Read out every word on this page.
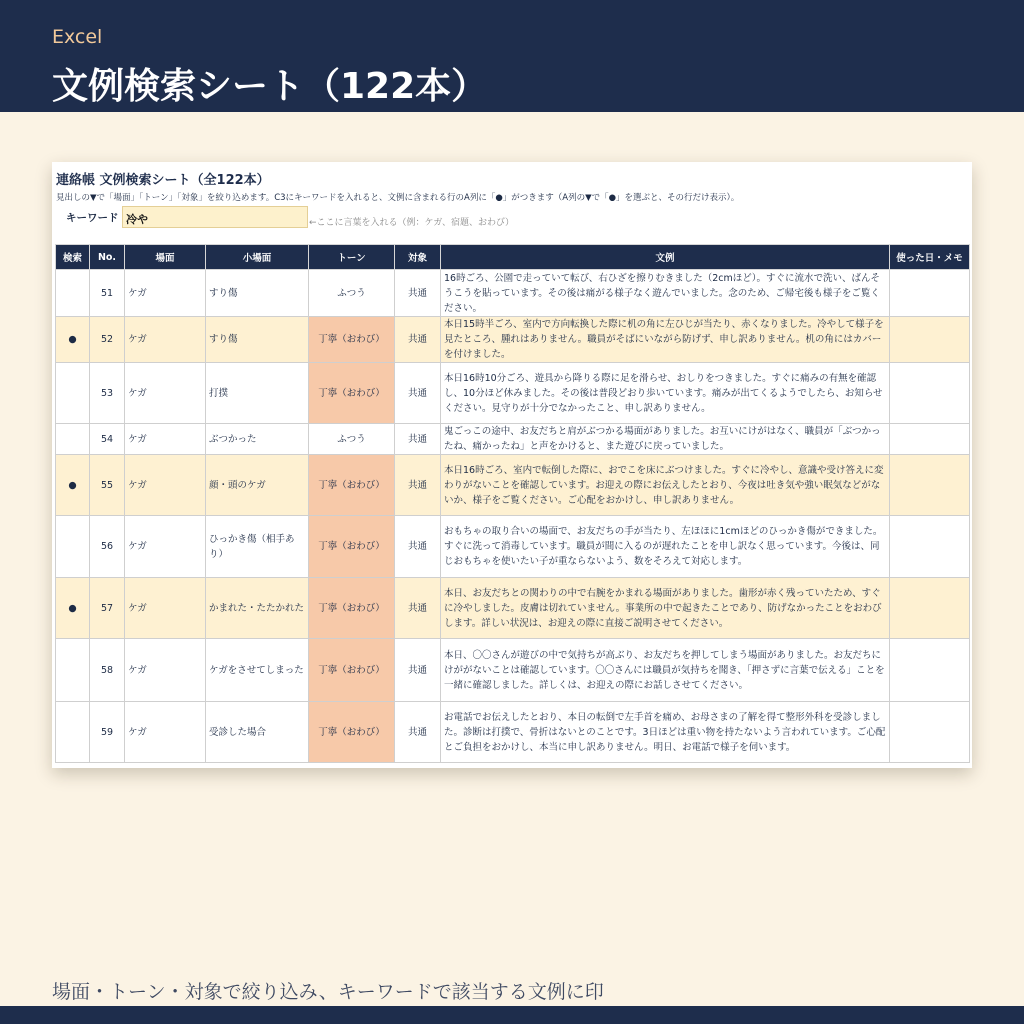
Excel
文例検索シート（122本）
連絡帳 文例検索シート（全122本）
見出しの▼で「場面」「トーン」「対象」を絞り込めます。C3にキーワードを入れると、文例に含まれる行のA列に「●」がつきます（A列の▼で「●」を選ぶと、その行だけ表示）。
キーワード 冷や	←ここに言葉を入れる（例：ケガ、宿題、おわび）
検索	No.	場面	小場面	トーン	対象	文例	使った日・メモ
	51	ケガ	すり傷	ふつう	共通	16時ごろ、公園で走っていて転び、右ひざを擦りむきました（2cmほど）。すぐに流水で洗い、ばんそうこうを貼っています。その後は痛がる様子なく遊んでいました。念のため、ご帰宅後も様子をご覧ください。	
●	52	ケガ	すり傷	丁寧（おわび）	共通	本日15時半ごろ、室内で方向転換した際に机の角に左ひじが当たり、赤くなりました。冷やして様子を見たところ、腫れはありません。職員がそばにいながら防げず、申し訳ありません。机の角にはカバーを付けました。	
	53	ケガ	打撲	丁寧（おわび）	共通	本日16時10分ごろ、遊具から降りる際に足を滑らせ、おしりをつきました。すぐに痛みの有無を確認し、10分ほど休みました。その後は普段どおり歩いています。痛みが出てくるようでしたら、お知らせください。見守りが十分でなかったこと、申し訳ありません。	
	54	ケガ	ぶつかった	ふつう	共通	鬼ごっこの途中、お友だちと肩がぶつかる場面がありました。お互いにけがはなく、職員が「ぶつかったね、痛かったね」と声をかけると、また遊びに戻っていました。	
●	55	ケガ	顔・頭のケガ	丁寧（おわび）	共通	本日16時ごろ、室内で転倒した際に、おでこを床にぶつけました。すぐに冷やし、意識や受け答えに変わりがないことを確認しています。お迎えの際にお伝えしたとおり、今夜は吐き気や強い眠気などがないか、様子をご覧ください。ご心配をおかけし、申し訳ありません。	
	56	ケガ	ひっかき傷（相手あり）	丁寧（おわび）	共通	おもちゃの取り合いの場面で、お友だちの手が当たり、左ほほに1cmほどのひっかき傷ができました。すぐに洗って消毒しています。職員が間に入るのが遅れたことを申し訳なく思っています。今後は、同じおもちゃを使いたい子が重ならないよう、数をそろえて対応します。	
●	57	ケガ	かまれた・たたかれた	丁寧（おわび）	共通	本日、お友だちとの関わりの中で右腕をかまれる場面がありました。歯形が赤く残っていたため、すぐに冷やしました。皮膚は切れていません。事業所の中で起きたことであり、防げなかったことをおわびします。詳しい状況は、お迎えの際に直接ご説明させてください。	
	58	ケガ	ケガをさせてしまった	丁寧（おわび）	共通	本日、〇〇さんが遊びの中で気持ちが高ぶり、お友だちを押してしまう場面がありました。お友だちにけががないことは確認しています。〇〇さんには職員が気持ちを聞き、「押さずに言葉で伝える」ことを一緒に確認しました。詳しくは、お迎えの際にお話しさせてください。	
	59	ケガ	受診した場合	丁寧（おわび）	共通	お電話でお伝えしたとおり、本日の転倒で左手首を痛め、お母さまの了解を得て整形外科を受診しました。診断は打撲で、骨折はないとのことです。3日ほどは重い物を持たないよう言われています。ご心配とご負担をおかけし、本当に申し訳ありません。明日、お電話で様子を伺います。	
場面・トーン・対象で絞り込み、キーワードで該当する文例に印
